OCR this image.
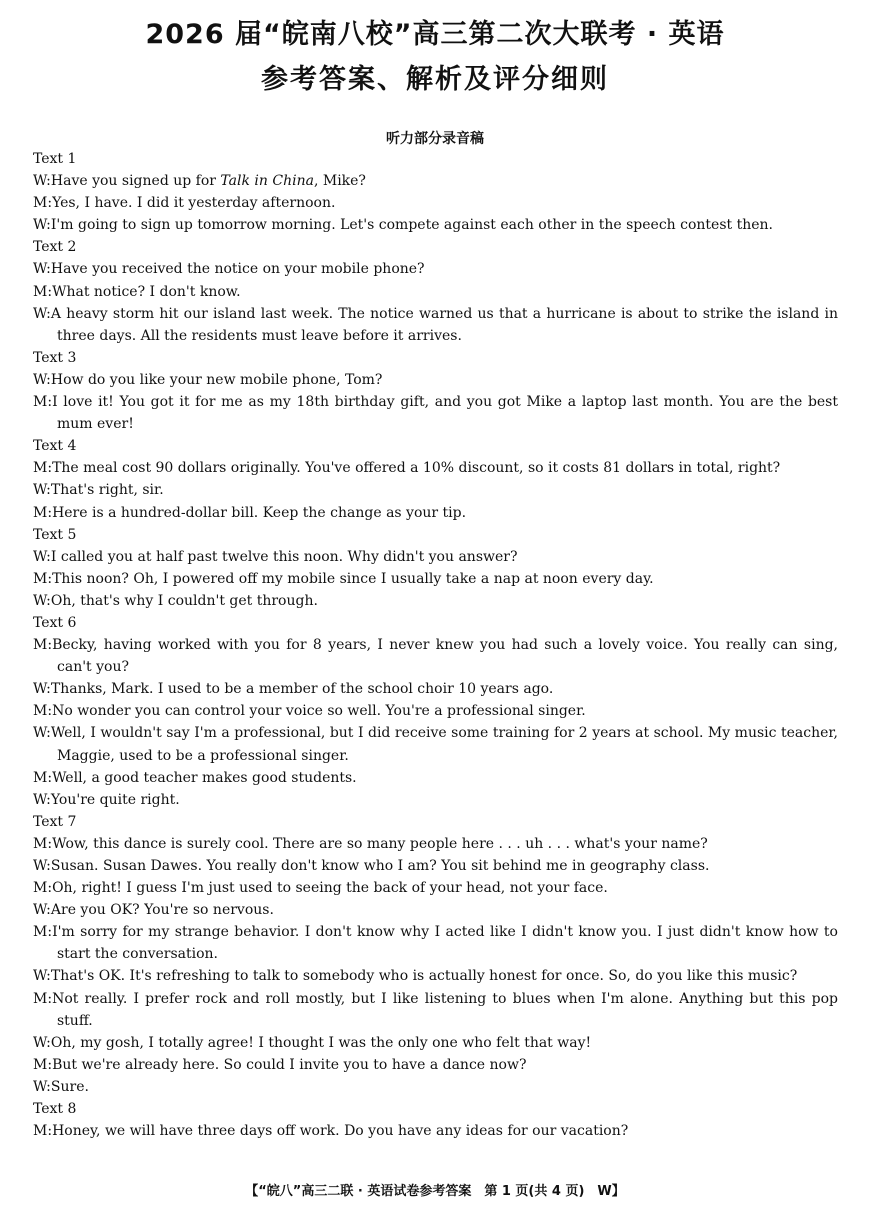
2026 届“皖南八校”高三第二次大联考 · 英语
参考答案、解析及评分细则
听力部分录音稿
Text 1
W:Have you signed up for Talk in China, Mike?
M:Yes, I have. I did it yesterday afternoon.
W:I'm going to sign up tomorrow morning. Let's compete against each other in the speech contest then.
Text 2
W:Have you received the notice on your mobile phone?
M:What notice? I don't know.
W:A heavy storm hit our island last week. The notice warned us that a hurricane is about to strike the island in three days. All the residents must leave before it arrives.
Text 3
W:How do you like your new mobile phone, Tom?
M:I love it! You got it for me as my 18th birthday gift, and you got Mike a laptop last month. You are the best mum ever!
Text 4
M:The meal cost 90 dollars originally. You've offered a 10% discount, so it costs 81 dollars in total, right?
W:That's right, sir.
M:Here is a hundred-dollar bill. Keep the change as your tip.
Text 5
W:I called you at half past twelve this noon. Why didn't you answer?
M:This noon? Oh, I powered off my mobile since I usually take a nap at noon every day.
W:Oh, that's why I couldn't get through.
Text 6
M:Becky, having worked with you for 8 years, I never knew you had such a lovely voice. You really can sing, can't you?
W:Thanks, Mark. I used to be a member of the school choir 10 years ago.
M:No wonder you can control your voice so well. You're a professional singer.
W:Well, I wouldn't say I'm a professional, but I did receive some training for 2 years at school. My music teacher, Maggie, used to be a professional singer.
M:Well, a good teacher makes good students.
W:You're quite right.
Text 7
M:Wow, this dance is surely cool. There are so many people here . . . uh . . . what's your name?
W:Susan. Susan Dawes. You really don't know who I am? You sit behind me in geography class.
M:Oh, right! I guess I'm just used to seeing the back of your head, not your face.
W:Are you OK? You're so nervous.
M:I'm sorry for my strange behavior. I don't know why I acted like I didn't know you. I just didn't know how to start the conversation.
W:That's OK. It's refreshing to talk to somebody who is actually honest for once. So, do you like this music?
M:Not really. I prefer rock and roll mostly, but I like listening to blues when I'm alone. Anything but this pop stuff.
W:Oh, my gosh, I totally agree! I thought I was the only one who felt that way!
M:But we're already here. So could I invite you to have a dance now?
W:Sure.
Text 8
M:Honey, we will have three days off work. Do you have any ideas for our vacation?
【“皖八”高三二联 · 英语试卷参考答案　第 1 页(共 4 页)　W】
